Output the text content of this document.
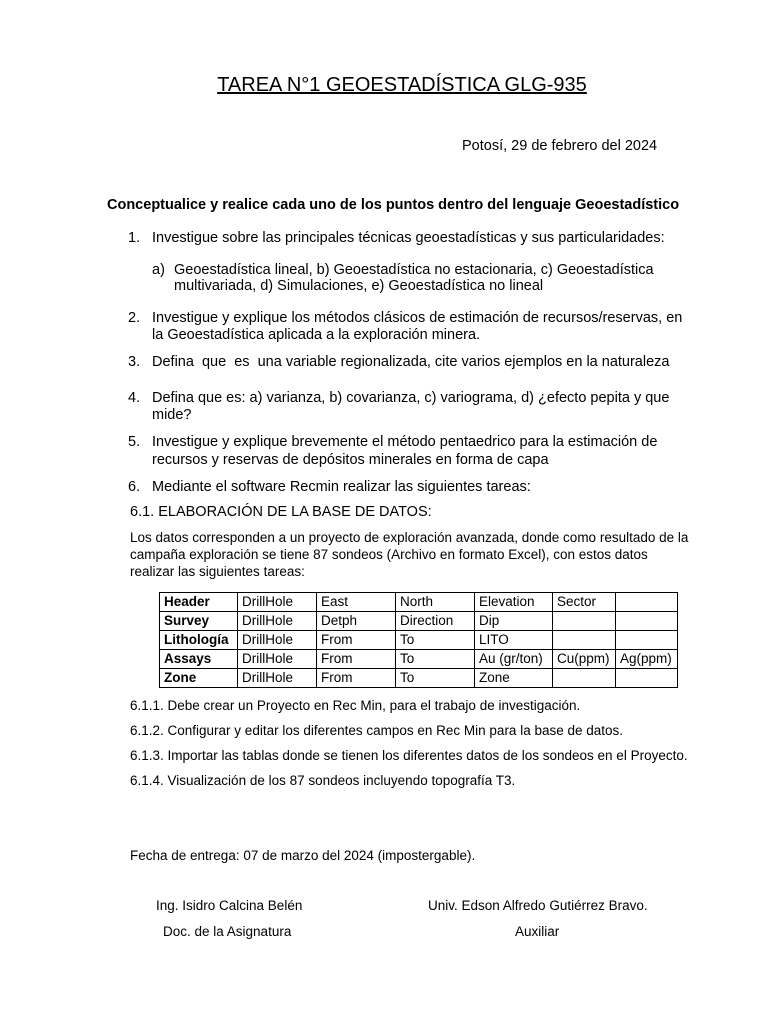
TAREA N°1 GEOESTADÍSTICA GLG-935
Potosí, 29 de febrero del 2024
Conceptualice y realice cada uno de los puntos dentro del lenguaje Geoestadístico
1. Investigue sobre las principales técnicas geoestadísticas y sus particularidades:
a) Geoestadística lineal, b) Geoestadística no estacionaria, c) Geoestadística
multivariada, d) Simulaciones, e) Geoestadística no lineal
2. Investigue y explique los métodos clásicos de estimación de recursos/reservas, en
la Geoestadística aplicada a la exploración minera.
3. Defina  que  es  una variable regionalizada, cite varios ejemplos en la naturaleza
4. Defina que es: a) varianza, b) covarianza, c) variograma, d) ¿efecto pepita y que
mide?
5. Investigue y explique brevemente el método pentaedrico para la estimación de
recursos y reservas de depósitos minerales en forma de capa
6. Mediante el software Recmin realizar las siguientes tareas:
6.1. ELABORACIÓN DE LA BASE DE DATOS:
Los datos corresponden a un proyecto de exploración avanzada, donde como resultado de la
campaña exploración se tiene 87 sondeos (Archivo en formato Excel), con estos datos
realizar las siguientes tareas:
Header	DrillHole	East	North	Elevation	Sector	
Survey	DrillHole	Detph	Direction	Dip		
Lithología	DrillHole	From	To	LITO		
Assays	DrillHole	From	To	Au (gr/ton)	Cu(ppm)	Ag(ppm)
Zone	DrillHole	From	To	Zone		
6.1.1. Debe crear un Proyecto en Rec Min, para el trabajo de investigación.
6.1.2. Configurar y editar los diferentes campos en Rec Min para la base de datos.
6.1.3. Importar las tablas donde se tienen los diferentes datos de los sondeos en el Proyecto.
6.1.4. Visualización de los 87 sondeos incluyendo topografía T3.
Fecha de entrega: 07 de marzo del 2024 (impostergable).
Ing. Isidro Calcina Belén
Doc. de la Asignatura
Univ. Edson Alfredo Gutiérrez Bravo.
Auxiliar
